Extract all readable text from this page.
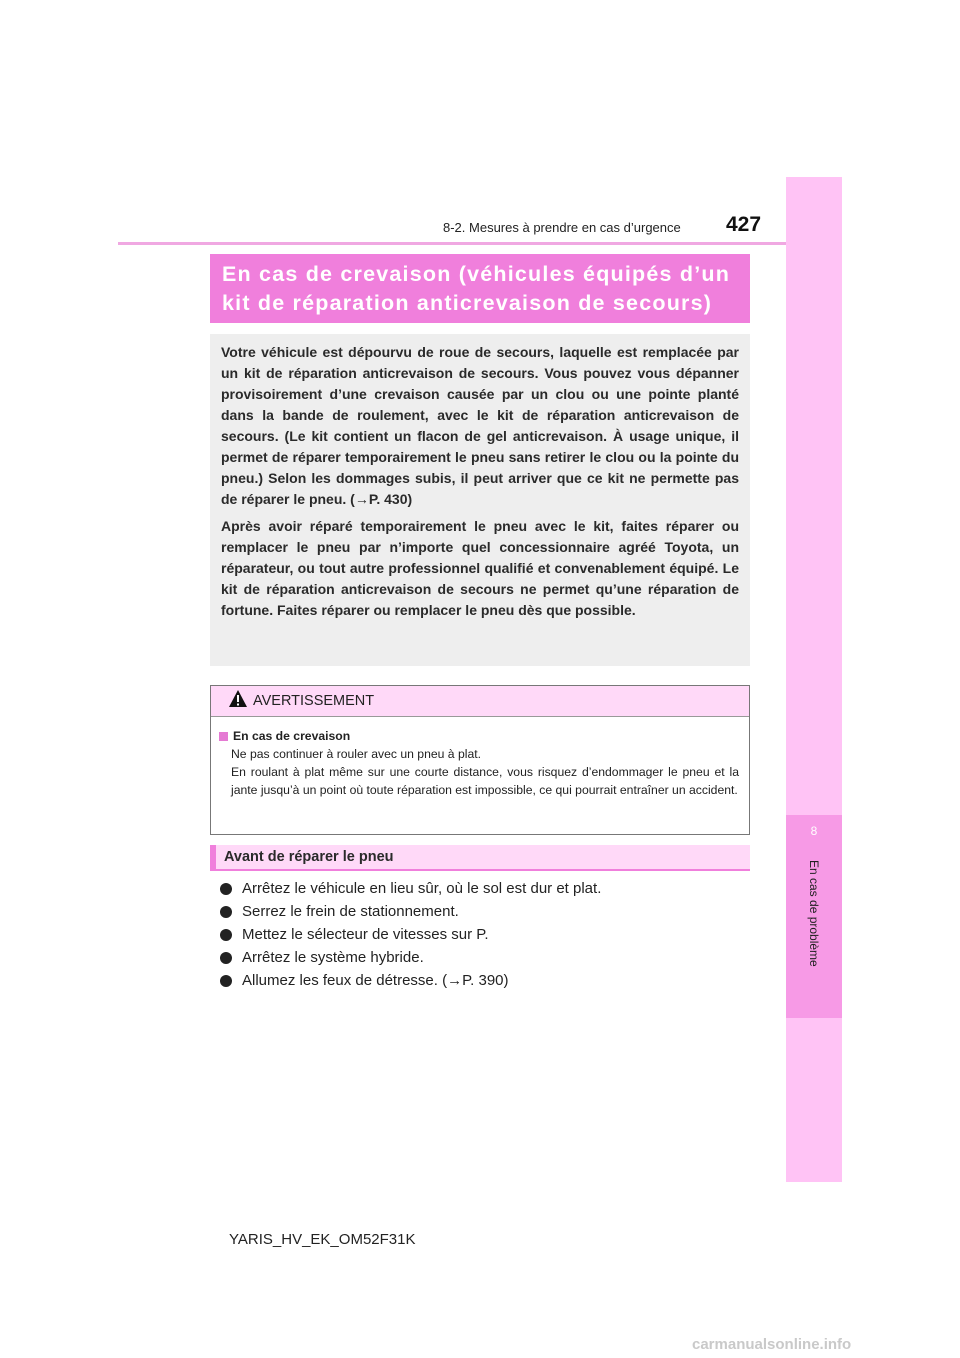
8-2. Mesures à prendre en cas d’urgence 427
8
En cas de problème
En cas de crevaison (véhicules équipés d’un
kit de réparation anticrevaison de secours)

Votre véhicule est dépourvu de roue de secours, laquelle est remplacée par un kit de réparation anticrevaison de secours. Vous pouvez vous dépanner provisoirement d’une crevaison causée par un clou ou une pointe planté dans la bande de roulement, avec le kit de réparation anticrevaison de secours. (Le kit contient un flacon de gel anticrevaison. À usage unique, il permet de réparer temporairement le pneu sans retirer le clou ou la pointe du pneu.) Selon les dommages subis, il peut arriver que ce kit ne permette pas de réparer le pneu. (→P. 430)

Après avoir réparé temporairement le pneu avec le kit, faites réparer ou remplacer le pneu par n’importe quel concessionnaire agréé Toyota, un réparateur, ou tout autre professionnel qualifié et convenablement équipé. Le kit de réparation anticrevaison de secours ne permet qu’une réparation de fortune. Faites réparer ou remplacer le pneu dès que possible.

AVERTISSEMENT
En cas de crevaison
Ne pas continuer à rouler avec un pneu à plat.
En roulant à plat même sur une courte distance, vous risquez d’endommager le pneu et la jante jusqu’à un point où toute réparation est impossible, ce qui pourrait entraîner un accident.
Avant de réparer le pneu
Arrêtez le véhicule en lieu sûr, où le sol est dur et plat.
Serrez le frein de stationnement.
Mettez le sélecteur de vitesses sur P.
Arrêtez le système hybride.
Allumez les feux de détresse. (→P. 390)
YARIS_HV_EK_OM52F31K
carmanualsonline.info
